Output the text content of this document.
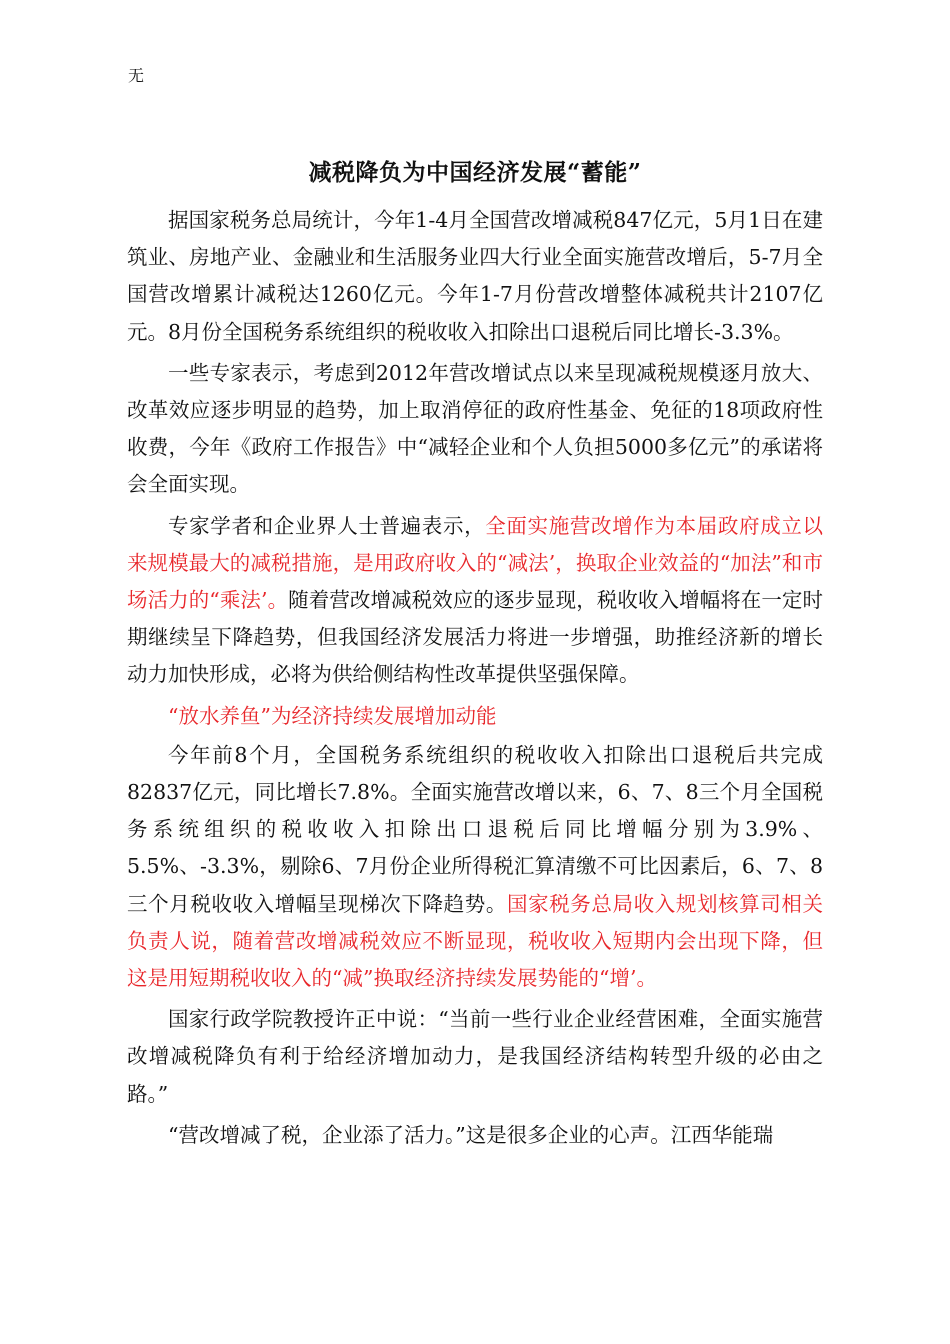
无
减税降负为中国经济发展“蓄能”

据国家税务总局统计，今年1-4月全国营改增减税847亿元，5月1日在建筑业、房地产业、金融业和生活服务业四大行业全面实施营改增后，5-7月全国营改增累计减税达1260亿元。今年1-7月份营改增整体减税共计2107亿元。8月份全国税务系统组织的税收收入扣除出口退税后同比增长-3.3%。

一些专家表示，考虑到2012年营改增试点以来呈现减税规模逐月放大、改革效应逐步明显的趋势，加上取消停征的政府性基金、免征的18项政府性收费，今年《政府工作报告》中“减轻企业和个人负担5000多亿元”的承诺将会全面实现。

专家学者和企业界人士普遍表示，全面实施营改增作为本届政府成立以来规模最大的减税措施，是用政府收入的“减法’，换取企业效益的“加法”和市场活力的“乘法’。随着营改增减税效应的逐步显现，税收收入增幅将在一定时期继续呈下降趋势，但我国经济发展活力将进一步增强，助推经济新的增长动力加快形成，必将为供给侧结构性改革提供坚强保障。

“放水养鱼”为经济持续发展增加动能

今年前8个月，全国税务系统组织的税收收入扣除出口退税后共完成82837亿元，同比增长7.8%。全面实施营改增以来，6、7、8三个月全国税务系统组织的税收收入扣除出口退税后同比增幅分别为3.9%、5.5%、-3.3%，剔除6、7月份企业所得税汇算清缴不可比因素后，6、7、8三个月税收收入增幅呈现梯次下降趋势。国家税务总局收入规划核算司相关负责人说，随着营改增减税效应不断显现，税收收入短期内会出现下降，但这是用短期税收收入的“减”换取经济持续发展势能的“增’。

国家行政学院教授许正中说：“当前一些行业企业经营困难，全面实施营改增减税降负有利于给经济增加动力，是我国经济结构转型升级的必由之路。”

“营改增减了税，企业添了活力。”这是很多企业的心声。江西华能瑞
